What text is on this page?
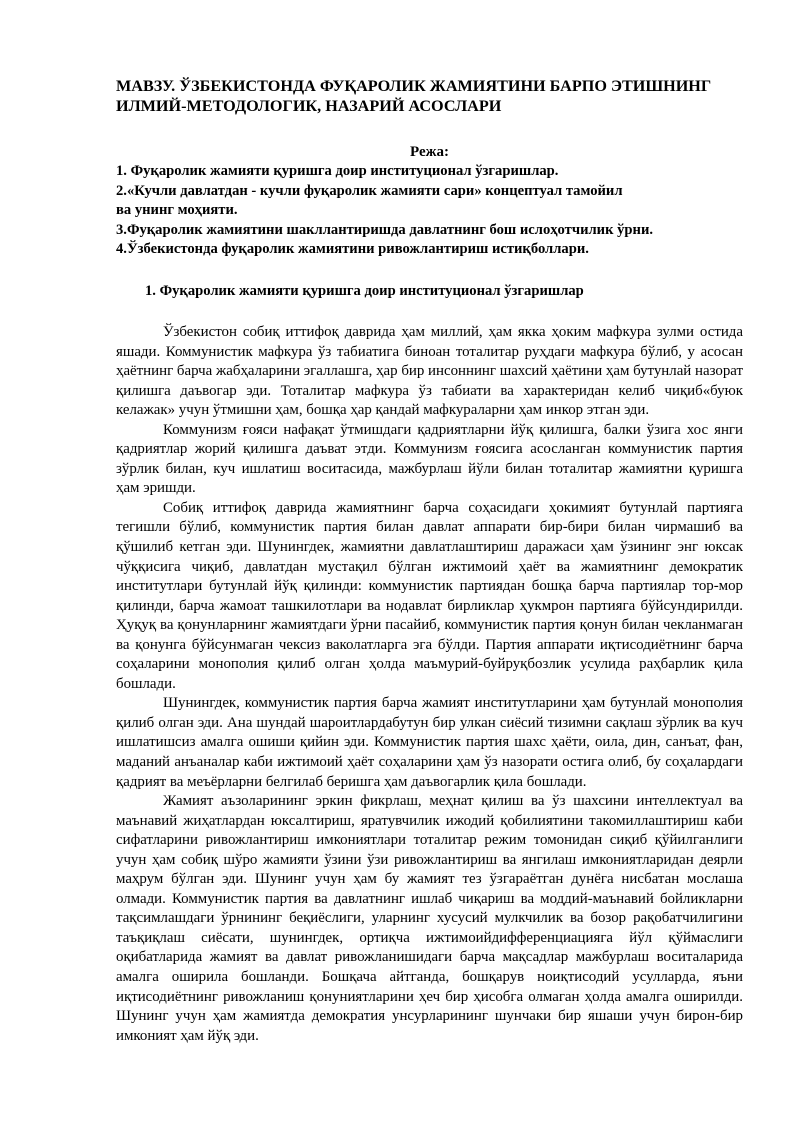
МАВЗУ. ЎЗБЕКИСТОНДА ФУҚАРОЛИК ЖАМИЯТИНИ БАРПО ЭТИШНИНГ ИЛМИЙ-МЕТОДОЛОГИК, НАЗАРИЙ АСОСЛАРИ
Режа:
1. Фуқаролик жамияти қуришга доир институционал ўзгаришлар.
2.«Кучли давлатдан - кучли фуқаролик жамияти сари» концептуал тамойил
ва унинг моҳияти.
3.Фуқаролик жамиятини шакллантиришда давлатнинг бош ислоҳотчилик ўрни.
4.Ўзбекистонда фуқаролик жамиятини ривожлантириш истиқболлари.
1. Фуқаролик жамияти қуришга доир институционал ўзгаришлар

Ўзбекистон собиқ иттифоқ даврида ҳам миллий, ҳам якка ҳоким мафкура зулми остида яшади. Коммунистик мафкура ўз табиатига биноан тоталитар руҳдаги мафкура бўлиб, у асосан ҳаётнинг барча жабҳаларини эгаллашга, ҳар бир инсоннинг шахсий ҳаётини ҳам бутунлай назорат қилишга даъвогар эди. Тоталитар мафкура ўз табиати ва характеридан келиб чиқиб«буюк келажак» учун ўтмишни ҳам, бошқа ҳар қандай мафкураларни ҳам инкор этган эди.

Коммунизм ғояси нафақат ўтмишдаги қадриятларни йўқ қилишга, балки ўзига хос янги қадриятлар жорий қилишга даъват этди. Коммунизм ғоясига асосланган коммунистик партия зўрлик билан, куч ишлатиш воситасида, мажбурлаш йўли билан тоталитар жамиятни қуришга ҳам эришди.

Собиқ иттифоқ даврида жамиятнинг барча соҳасидаги ҳокимият бутунлай партияга тегишли бўлиб, коммунистик партия билан давлат аппарати бир-бири билан чирмашиб ва қўшилиб кетган эди. Шунингдек, жамиятни давлатлаштириш даражаси ҳам ўзининг энг юксак чўққисига чиқиб, давлатдан мустақил бўлган ижтимоий ҳаёт ва жамиятнинг демократик институтлари бутунлай йўқ қилинди: коммунистик партиядан бошқа барча партиялар тор-мор қилинди, барча жамоат ташкилотлари ва нодавлат бирликлар ҳукмрон партияга бўйсундирилди. Ҳуқуқ ва қонунларнинг жамиятдаги ўрни пасайиб, коммунистик партия қонун билан чекланмаган ва қонунга бўйсунмаган чексиз ваколатларга эга бўлди. Партия аппарати иқтисодиётнинг барча соҳаларини монополия қилиб олган ҳолда маъмурий-буйруқбозлик усулида раҳбарлик қила бошлади.

Шунингдек, коммунистик партия барча жамият институтларини ҳам бутунлай монополия қилиб олган эди. Ана шундай шароитлардабутун бир улкан сиёсий тизимни сақлаш зўрлик ва куч ишлатишсиз амалга ошиши қийин эди. Коммунистик партия шахс ҳаёти, оила, дин, санъат, фан, маданий анъаналар каби ижтимоий ҳаёт соҳаларини ҳам ўз назорати остига олиб, бу соҳалардаги қадрият ва меъёрларни белгилаб беришга ҳам даъвогарлик қила бошлади.

Жамият аъзоларининг эркин фикрлаш, меҳнат қилиш ва ўз шахсини интеллектуал ва маънавий жиҳатлардан юксалтириш, яратувчилик ижодий қобилиятини такомиллаштириш каби сифатларини ривожлантириш имкониятлари тоталитар режим томонидан сиқиб қўйилганлиги учун ҳам собиқ шўро жамияти ўзини ўзи ривожлантириш ва янгилаш имкониятларидан деярли маҳрум бўлган эди. Шунинг учун ҳам бу жамият тез ўзгараётган дунёга нисбатан мослаша олмади. Коммунистик партия ва давлатнинг ишлаб чиқариш ва моддий-маънавий бойликларни тақсимлашдаги ўрнининг беқиёслиги, уларнинг хусусий мулкчилик ва бозор рақобатчилигини таъқиқлаш сиёсати, шунингдек, ортиқча ижтимоийдифференциацияга йўл қўймаслиги оқибатларида жамият ва давлат ривожланишидаги барча мақсадлар мажбурлаш воситаларида амалга оширила бошланди. Бошқача айтганда, бошқарув ноиқтисодий усулларда, яъни иқтисодиётнинг ривожланиш қонуниятларини ҳеч бир ҳисобга олмаган ҳолда амалга оширилди. Шунинг учун ҳам жамиятда демократия унсурларининг шунчаки бир яшаши учун бирон-бир имконият ҳам йўқ эди.
